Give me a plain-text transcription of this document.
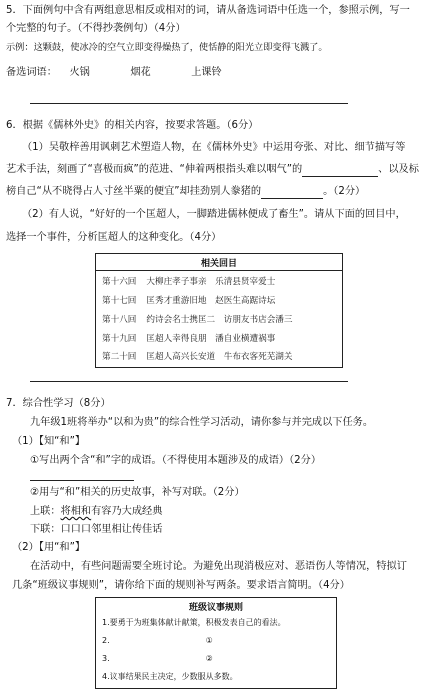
5．下面例句中含有两组意思相反或相对的词，请从备选词语中任选一个，参照示例，写一
个完整的句子。（不得抄袭例句）（4分）
示例：这颗鼓，使冰冷的空气立即变得燥热了，使恬静的阳光立即变得飞溅了。
备选词语： 火锅	烟花	上课铃
6．根据《儒林外史》的相关内容，按要求答题。（6分）
（1）吴敬梓善用讽刺艺术塑造人物，在《儒林外史》中运用夸张、对比、细节描写等
艺术手法，刻画了“喜极而疯”的范进、“伸着两根指头难以咽气”的	、以及标
榜自己“从不晓得占人寸丝半粟的便宜”却挂劲别人豢猪的	。（2分）
（2）有人说，“好好的一个匡超人，一脚踏进儒林便成了畜生”。请从下面的回目中，
选择一个事件，分析匡超人的这种变化。（4分）
相关回目
第十六回 大柳庄孝子事亲　乐清县贤宰爱士
第十七回 匡秀才重游旧地　赵医生高踞诗坛
第十八回 约诗会名士携匡二　访朋友书店会潘三
第十九回 匡超人幸得良朋　潘自业横遭祸事
第二十回 匡超人高兴长安道　牛布衣客死芜湖关
7．综合性学习（8分）
九年级1班将举办“以和为贵”的综合性学习活动，请你参与并完成以下任务。
（1）【知“和”】
①写出两个含“和”字的成语。（不得使用本题涉及的成语）（2分）
②用与“和”相关的历史故事，补写对联。（2分）
上联：将相和有容乃大成经典
下联：口口口邻里相让传佳话
（2）【用“和”】
在活动中，有些问题需要全班讨论。为避免出现消极应对、恶语伤人等情况，特拟订
几条“班级议事规则”，请你给下面的规则补写两条。要求语言简明。（4分）
班级议事规则
1.要勇于为班集体献计献策，积极发表自己的看法。
2.	①
3.	②
4.议事结果民主决定，少数服从多数。
